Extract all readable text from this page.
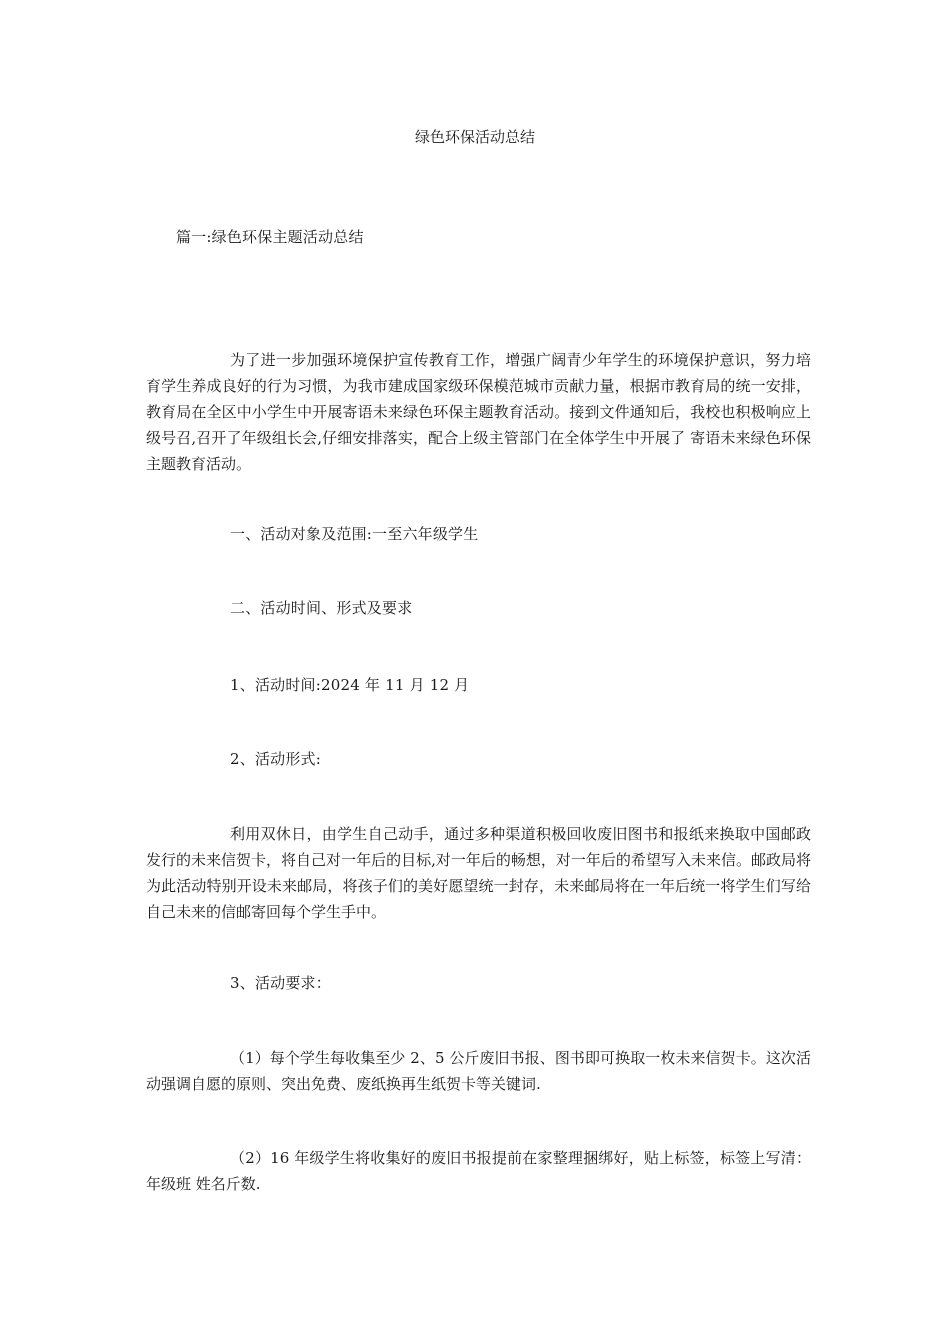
绿色环保活动总结
篇一:绿色环保主题活动总结

为了进一步加强环境保护宣传教育工作，增强广阔青少年学生的环境保护意识，努力培育学生养成良好的行为习惯，为我市建成国家级环保模范城市贡献力量，根据市教育局的统一安排，教育局在全区中小学生中开展寄语未来绿色环保主题教育活动。接到文件通知后，我校也积极响应上级号召,召开了年级组长会,仔细安排落实，配合上级主管部门在全体学生中开展了 寄语未来绿色环保主题教育活动。

一、活动对象及范围:一至六年级学生
二、活动时间、形式及要求
1、活动时间:2024 年 11 月 12 月
2、活动形式:

利用双休日，由学生自己动手，通过多种渠道积极回收废旧图书和报纸来换取中国邮政发行的未来信贺卡，将自己对一年后的目标,对一年后的畅想，对一年后的希望写入未来信。邮政局将为此活动特别开设未来邮局，将孩子们的美好愿望统一封存，未来邮局将在一年后统一将学生们写给自己未来的信邮寄回每个学生手中。

3、活动要求：

（1）每个学生每收集至少 2、5 公斤废旧书报、图书即可换取一枚未来信贺卡。这次活动强调自愿的原则、突出免费、废纸换再生纸贺卡等关键词.

（2）16 年级学生将收集好的废旧书报提前在家整理捆绑好，贴上标签，标签上写清：年级班 姓名斤数.
